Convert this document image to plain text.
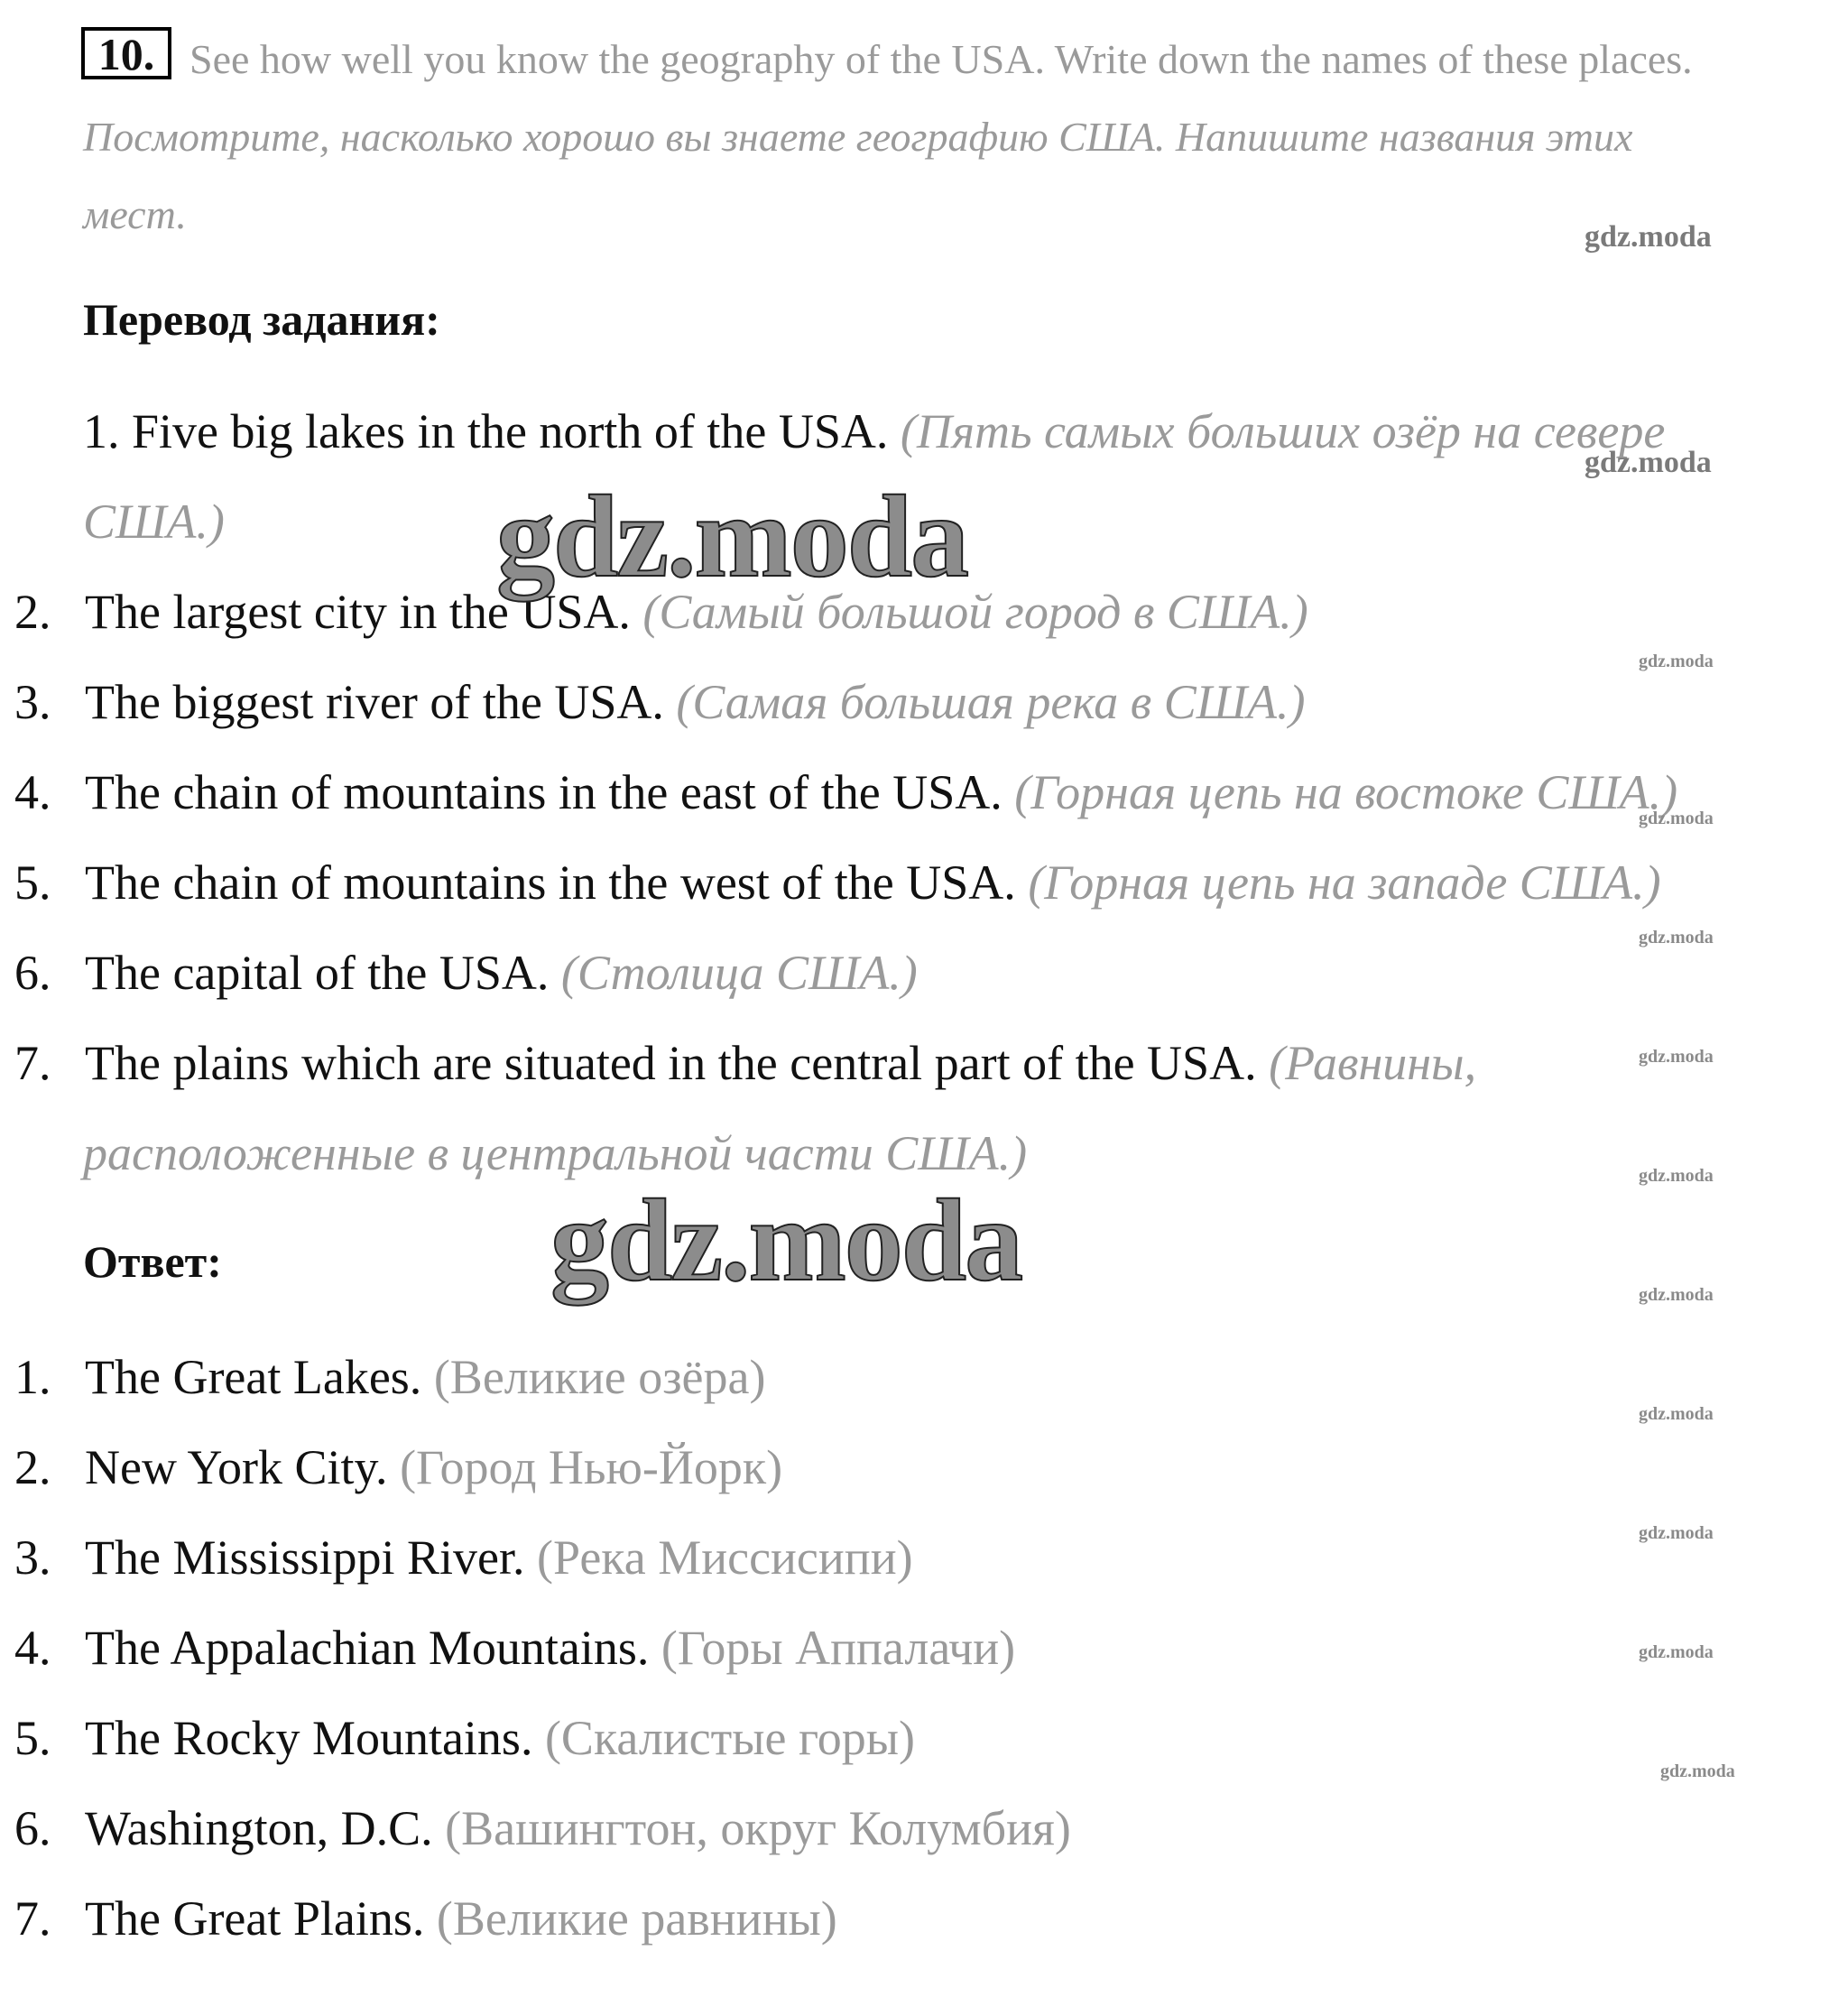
10. See how well you know the geography of the USA. Write down the names of these places.
Посмотрите, насколько хорошо вы знаете географию США. Напишите названия этих
мест.
Перевод задания:
1. Five big lakes in the north of the USA. (Пять самых больших озёр на севере
США.)
2. The largest city in the USA. (Самый большой город в США.)
3. The biggest river of the USA. (Самая большая река в США.)
4. The chain of mountains in the east of the USA. (Горная цепь на востоке США.)
5. The chain of mountains in the west of the USA. (Горная цепь на западе США.)
6. The capital of the USA. (Столица США.)
7. The plains which are situated in the central part of the USA. (Равнины,
расположенные в центральной части США.)
Ответ:
1. The Great Lakes. (Великие озёра)
2. New York City. (Город Нью-Йорк)
3. The Mississippi River. (Река Миссисипи)
4. The Appalachian Mountains. (Горы Аппалачи)
5. The Rocky Mountains. (Скалистые горы)
6. Washington, D.C. (Вашингтон, округ Колумбия)
7. The Great Plains. (Великие равнины)
gdz.moda
gdz.moda
gdz.moda
gdz.moda
gdz.moda
gdz.moda
gdz.moda
gdz.moda
gdz.moda
gdz.moda
gdz.moda
gdz.moda
gdz.moda
gdz.moda
